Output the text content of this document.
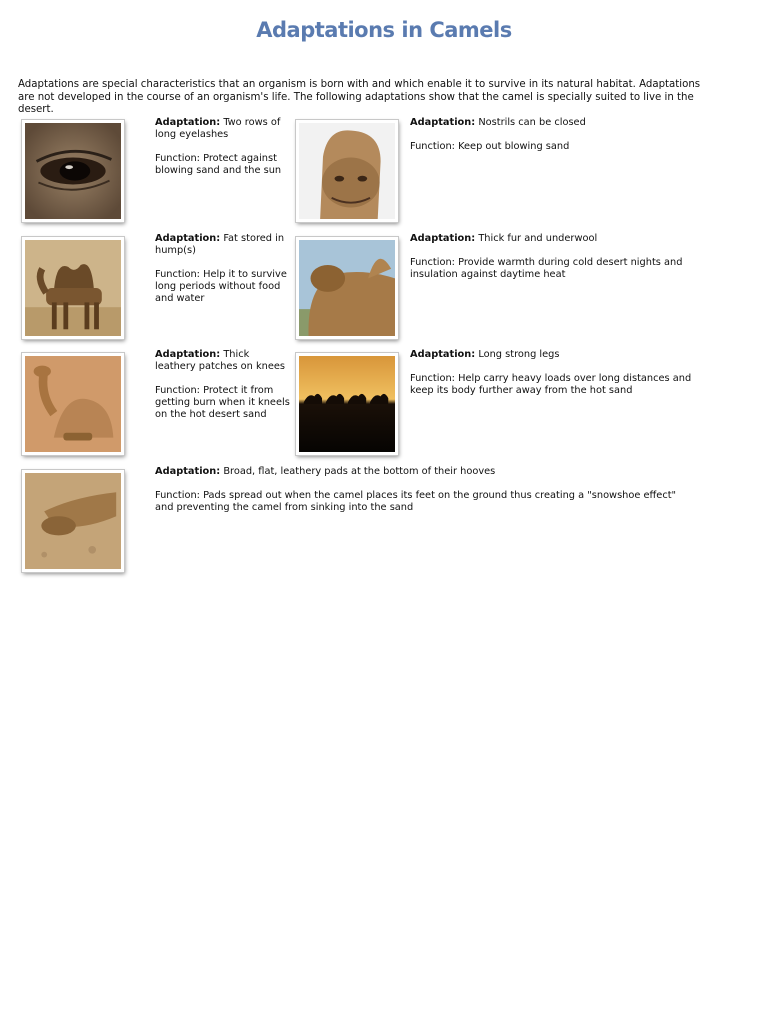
Adaptations in Camels

Adaptations are special characteristics that an organism is born with and which enable it to survive in its natural habitat. Adaptations are not developed in the course of an organism's life. The following adaptations show that the camel is specially suited to live in the desert.

Adaptation: Two rows of long eyelashes

Function: Protect against blowing sand and the sun

Adaptation: Nostrils can be closed

Function: Keep out blowing sand

Adaptation: Fat stored in hump(s)

Function: Help it to survive long periods without food and water

Adaptation: Thick fur and underwool

Function: Provide warmth during cold desert nights and insulation against daytime heat

Adaptation: Thick leathery patches on knees

Function: Protect it from getting burn when it kneels on the hot desert sand

Adaptation: Long strong legs

Function: Help carry heavy loads over long distances and keep its body further away from the hot sand

Adaptation: Broad, flat, leathery pads at the bottom of their hooves

Function: Pads spread out when the camel places its feet on the ground thus creating a "snowshoe effect" and preventing the camel from sinking into the sand
